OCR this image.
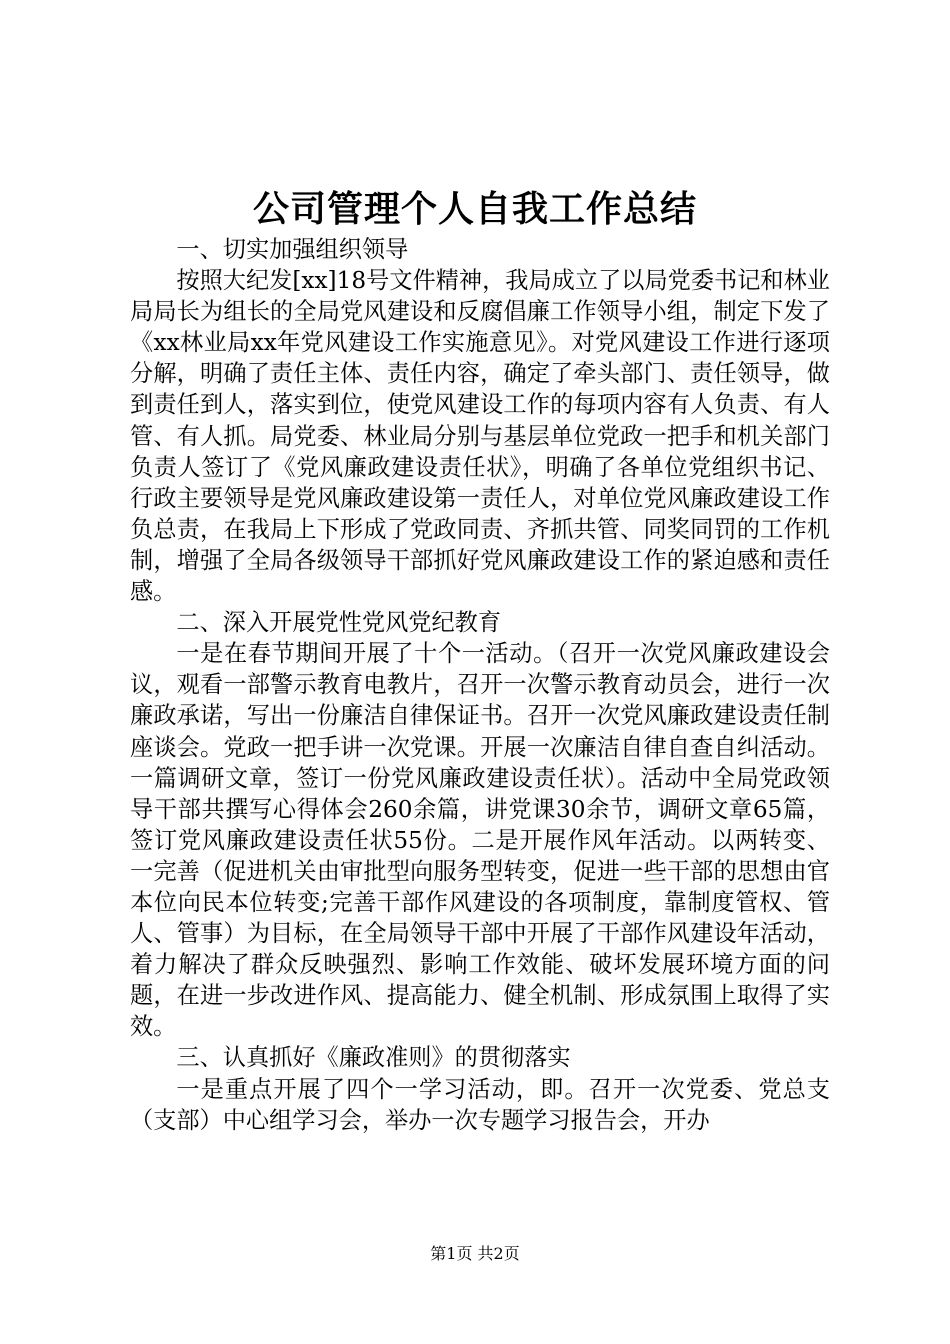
公司管理个人自我工作总结

一、切实加强组织领导

按照大纪发[xx]18号文件精神，我局成立了以局党委书记和林业局局长为组长的全局党风建设和反腐倡廉工作领导小组，制定下发了《xx林业局xx年党风建设工作实施意见》。对党风建设工作进行逐项分解，明确了责任主体、责任内容，确定了牵头部门、责任领导，做到责任到人，落实到位，使党风建设工作的每项内容有人负责、有人管、有人抓。局党委、林业局分别与基层单位党政一把手和机关部门负责人签订了《党风廉政建设责任状》，明确了各单位党组织书记、行政主要领导是党风廉政建设第一责任人，对单位党风廉政建设工作负总责，在我局上下形成了党政同责、齐抓共管、同奖同罚的工作机制，增强了全局各级领导干部抓好党风廉政建设工作的紧迫感和责任感。

二、深入开展党性党风党纪教育

一是在春节期间开展了十个一活动。（召开一次党风廉政建设会议，观看一部警示教育电教片，召开一次警示教育动员会，进行一次廉政承诺，写出一份廉洁自律保证书。召开一次党风廉政建设责任制座谈会。党政一把手讲一次党课。开展一次廉洁自律自查自纠活动。一篇调研文章，签订一份党风廉政建设责任状）。活动中全局党政领导干部共撰写心得体会260余篇，讲党课30余节，调研文章65篇，签订党风廉政建设责任状55份。二是开展作风年活动。以两转变、一完善（促进机关由审批型向服务型转变，促进一些干部的思想由官本位向民本位转变;完善干部作风建设的各项制度，靠制度管权、管人、管事）为目标，在全局领导干部中开展了干部作风建设年活动，着力解决了群众反映强烈、影响工作效能、破坏发展环境方面的问题，在进一步改进作风、提高能力、健全机制、形成氛围上取得了实效。

三、认真抓好《廉政准则》的贯彻落实

一是重点开展了四个一学习活动，即。召开一次党委、党总支（支部）中心组学习会，举办一次专题学习报告会，开办

第1页 共2页
